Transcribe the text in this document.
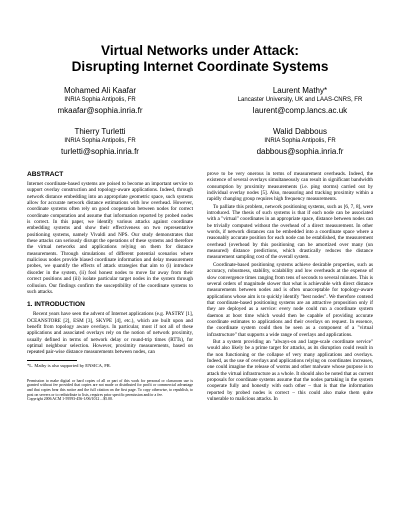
Virtual Networks under Attack:
Disrupting Internet Coordinate Systems
Mohamed Ali Kaafar
INRIA Sophia Antipolis, FR
mkaafar@sophia.inria.fr
Laurent Mathy*
Lancaster University, UK and LAAS-CNRS, FR
laurent@comp.lancs.ac.uk
Thierry Turletti
INRIA Sophia Antipolis, FR
turletti@sophia.inria.fr
Walid Dabbous
INRIA Sophia Antipolis, FR
dabbous@sophia.inria.fr
ABSTRACT

Internet coordinate-based systems are poised to become an important service to support overlay construction and topology-aware applications. Indeed, through network distance embedding into an appropriate geometric space, such systems allow for accurate network distance estimations with low overhead. However, coordinate systems often rely on good cooperation between nodes for correct coordinate computation and assume that information reported by probed nodes is correct. In this paper, we identify various attacks against coordinate embedding systems and show their effectiveness on two representative positioning systems, namely Vivaldi and NPS. Our study demonstrates that these attacks can seriously disrupt the operations of these systems and therefore the virtual networks and applications relying on them for distance measurements. Through simulations of different potential scenarios where malicious nodes provide biased coordinate information and delay measurement probes, we quantify the effects of attack strategies that aim to (i) introduce disorder in the system, (ii) fool honest nodes to move far away from their correct positions and (iii) isolate particular target nodes in the system through collusion. Our findings confirm the susceptibility of the coordinate systems to such attacks.

1. INTRODUCTION

Recent years have seen the advent of Internet applications (e.g. PASTRY [1], OCEANSTORE [2], ESM [3], SKYPE [4], etc.), which are built upon and benefit from topology aware overlays. In particular, most if not all of these applications and associated overlays rely on the notion of network proximity, usually defined in terms of network delay or round-trip times (RTTs), for optimal neighbour selection. However, proximity measurements, based on repeated pair-wise distance measurements between nodes, can

*L. Mathy is also supported by ENSICA, FR.

Permission to make digital or hard copies of all or part of this work for personal or classroom use is granted without fee provided that copies are not made or distributed for profit or commercial advantage and that copies bear this notice and the full citation on the first page. To copy otherwise, to republish, to post on servers or to redistribute to lists, requires prior specific permission and/or a fee.

Copyright 2006 ACM 1-59593-456-1/06/1012 ...$5.00.

prove to be very onerous in terms of measurement overheads. Indeed, the existence of several overlays simultaneously can result in significant bandwidth consumption by proximity measurements (i.e. ping storms) carried out by individual overlay nodes [5]. Also, measuring and tracking proximity within a rapidly changing group requires high frequency measurements.

To palliate this problem, network positioning systems, such as [6, 7, 8], were introduced. The thesis of such systems is that if each node can be associated with a "virtual" coordinates in an appropriate space, distance between nodes can be trivially computed without the overhead of a direct measurement. In other words, if network distances can be embedded into a coordinate space where a reasonably accurate position for each node can be established, the measurement overhead (overhead by this positioning can be amortized over many (un measured) distance predictions, which drastically reduces the distance measurement sampling cost of the overall system.

Coordinate-based positioning systems achieve desirable properties, such as accuracy, robustness, stability, scalability and low overheads at the expense of slow convergence times ranging from tens of seconds to several minutes. This is several orders of magnitude slower that what is achievable with direct distance measurements between nodes and is often unacceptable for topology-aware applications whose aim is to quickly identify "best nodes". We therefore contend that coordinate-based positioning systems are an attractive proposition only if they are deployed as a service: every node could run a coordinate system daemon at boot time which would then be capable of providing accurate coordinate estimates to applications and their overlays on request. In essence, the coordinate system could then be seen as a component of a "virtual infrastructure" that supports a wide range of overlays and applications.

But a system providing an "always-on and large-scale coordinate service" would also likely be a prime target for attacks, as its disruption could result in the non functioning or the collapse of very many applications and overlays. Indeed, as the use of overlays and applications relying on coordinates increases, one could imagine the release of worms and other malware whose purpose is to attack the virtual infrastructure as a whole. It should also be noted that as current proposals for coordinate systems assume that the nodes partaking in the system cooperate fully and honestly with each other – that is that the information reported by probed nodes is correct – this could also make them quite vulnerable to malicious attacks. In
